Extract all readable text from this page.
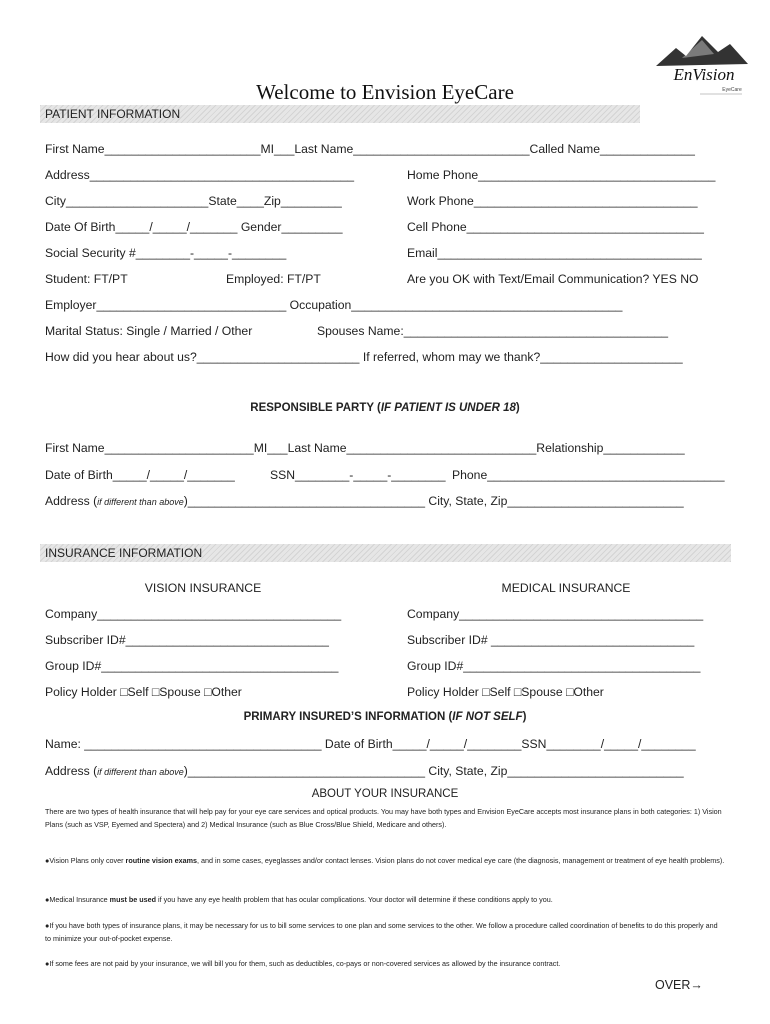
Welcome to Envision EyeCare
EnVision
EyeCare
PATIENT INFORMATION
First Name_______________________MI___Last Name__________________________Called Name______________
Address_______________________________________	Home Phone___________________________________
City_____________________State____Zip_________	Work Phone_________________________________
Date Of Birth_____/_____/_______ Gender_________	Cell Phone___________________________________
Social Security #________-_____-________	Email_______________________________________
Student: FT/PT	Employed: FT/PT	Are you OK with Text/Email Communication? YES NO
Employer____________________________ Occupation________________________________________
Marital Status: Single / Married / Other	Spouses Name:_______________________________________
How did you hear about us?________________________ If referred, whom may we thank?_____________________
RESPONSIBLE PARTY (IF PATIENT IS UNDER 18)
First Name______________________MI___Last Name____________________________Relationship____________
Date of Birth_____/_____/_______	SSN________-_____-________ Phone___________________________________
Address (if different than above)___________________________________ City, State, Zip__________________________
INSURANCE INFORMATION
VISION INSURANCE	MEDICAL INSURANCE
Company____________________________________	Company____________________________________
Subscriber ID#______________________________	Subscriber ID# ______________________________
Group ID#___________________________________	Group ID#___________________________________
Policy Holder □Self □Spouse □Other	Policy Holder □Self □Spouse □Other
PRIMARY INSURED’S INFORMATION (IF NOT SELF)
Name: ___________________________________ Date of Birth_____/_____/________SSN________/_____/________
Address (if different than above)___________________________________ City, State, Zip__________________________
ABOUT YOUR INSURANCE
There are two types of health insurance that will help pay for your eye care services and optical products. You may have both types and Envision EyeCare accepts most insurance plans in both categories: 1) Vision Plans (such as VSP, Eyemed and Spectera) and 2) Medical Insurance (such as Blue Cross/Blue Shield, Medicare and others).
●Vision Plans only cover routine vision exams, and in some cases, eyeglasses and/or contact lenses. Vision plans do not cover medical eye care (the diagnosis, management or treatment of eye health problems).
●Medical Insurance must be used if you have any eye health problem that has ocular complications. Your doctor will determine if these conditions apply to you.
●If you have both types of insurance plans, it may be necessary for us to bill some services to one plan and some services to the other. We follow a procedure called coordination of benefits to do this properly and to minimize your out-of-pocket expense.
●If some fees are not paid by your insurance, we will bill you for them, such as deductibles, co-pays or non-covered services as allowed by the insurance contract.
OVER→
